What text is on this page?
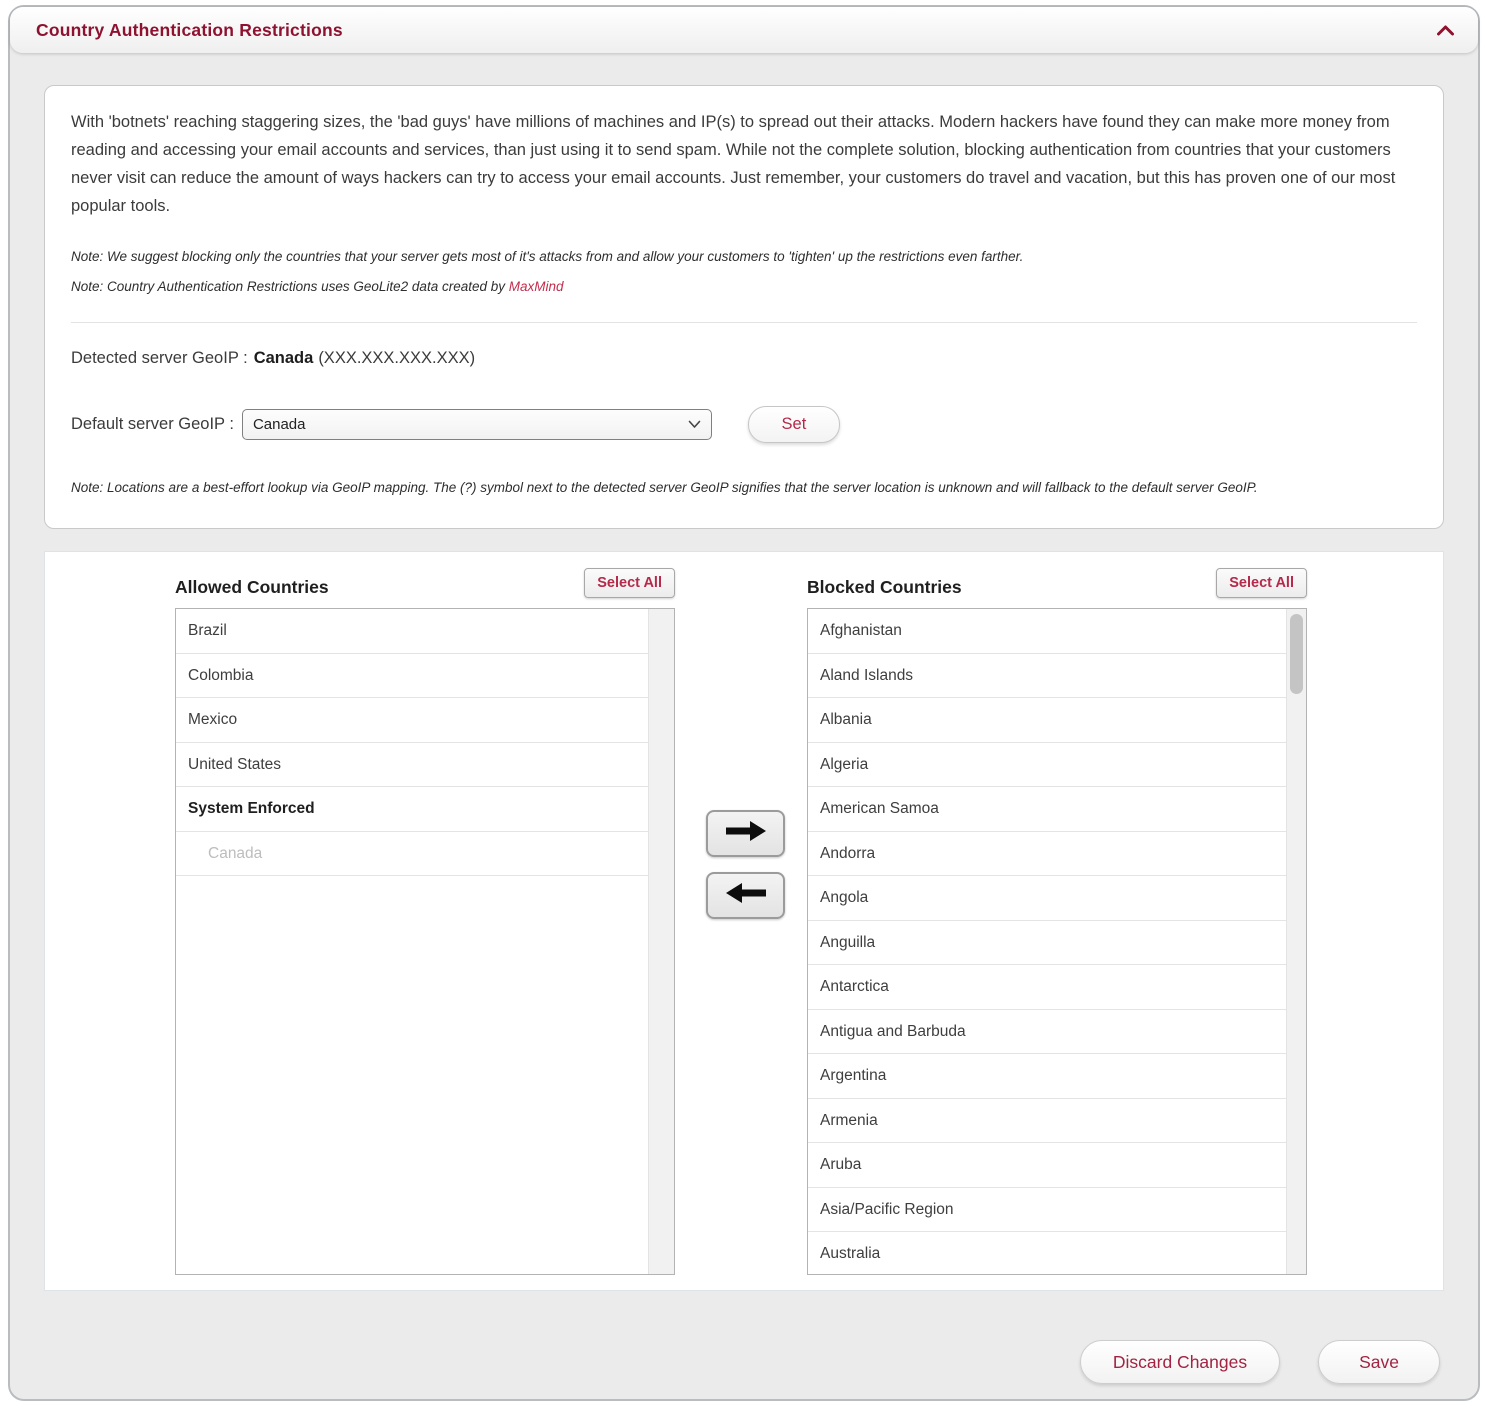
Country Authentication Restrictions
With 'botnets' reaching staggering sizes, the 'bad guys' have millions of machines and IP(s) to spread out their attacks. Modern hackers have found they can make more money from reading and accessing your email accounts and services, than just using it to send spam. While not the complete solution, blocking authentication from countries that your customers never visit can reduce the amount of ways hackers can try to access your email accounts. Just remember, your customers do travel and vacation, but this has proven one of our most popular tools.
Note: We suggest blocking only the countries that your server gets most of it's attacks from and allow your customers to 'tighten' up the restrictions even farther.
Note: Country Authentication Restrictions uses GeoLite2 data created by MaxMind
Detected server GeoIP : Canada (XXX.XXX.XXX.XXX)
Default server GeoIP : Canada	Set
Note: Locations are a best-effort lookup via GeoIP mapping. The (?) symbol next to the detected server GeoIP signifies that the server location is unknown and will fallback to the default server GeoIP.
Allowed Countries	Select All
Brazil
Colombia
Mexico
United States
System Enforced
Canada
Blocked Countries	Select All
Afghanistan
Aland Islands
Albania
Algeria
American Samoa
Andorra
Angola
Anguilla
Antarctica
Antigua and Barbuda
Argentina
Armenia
Aruba
Asia/Pacific Region
Australia
Discard Changes	Save
